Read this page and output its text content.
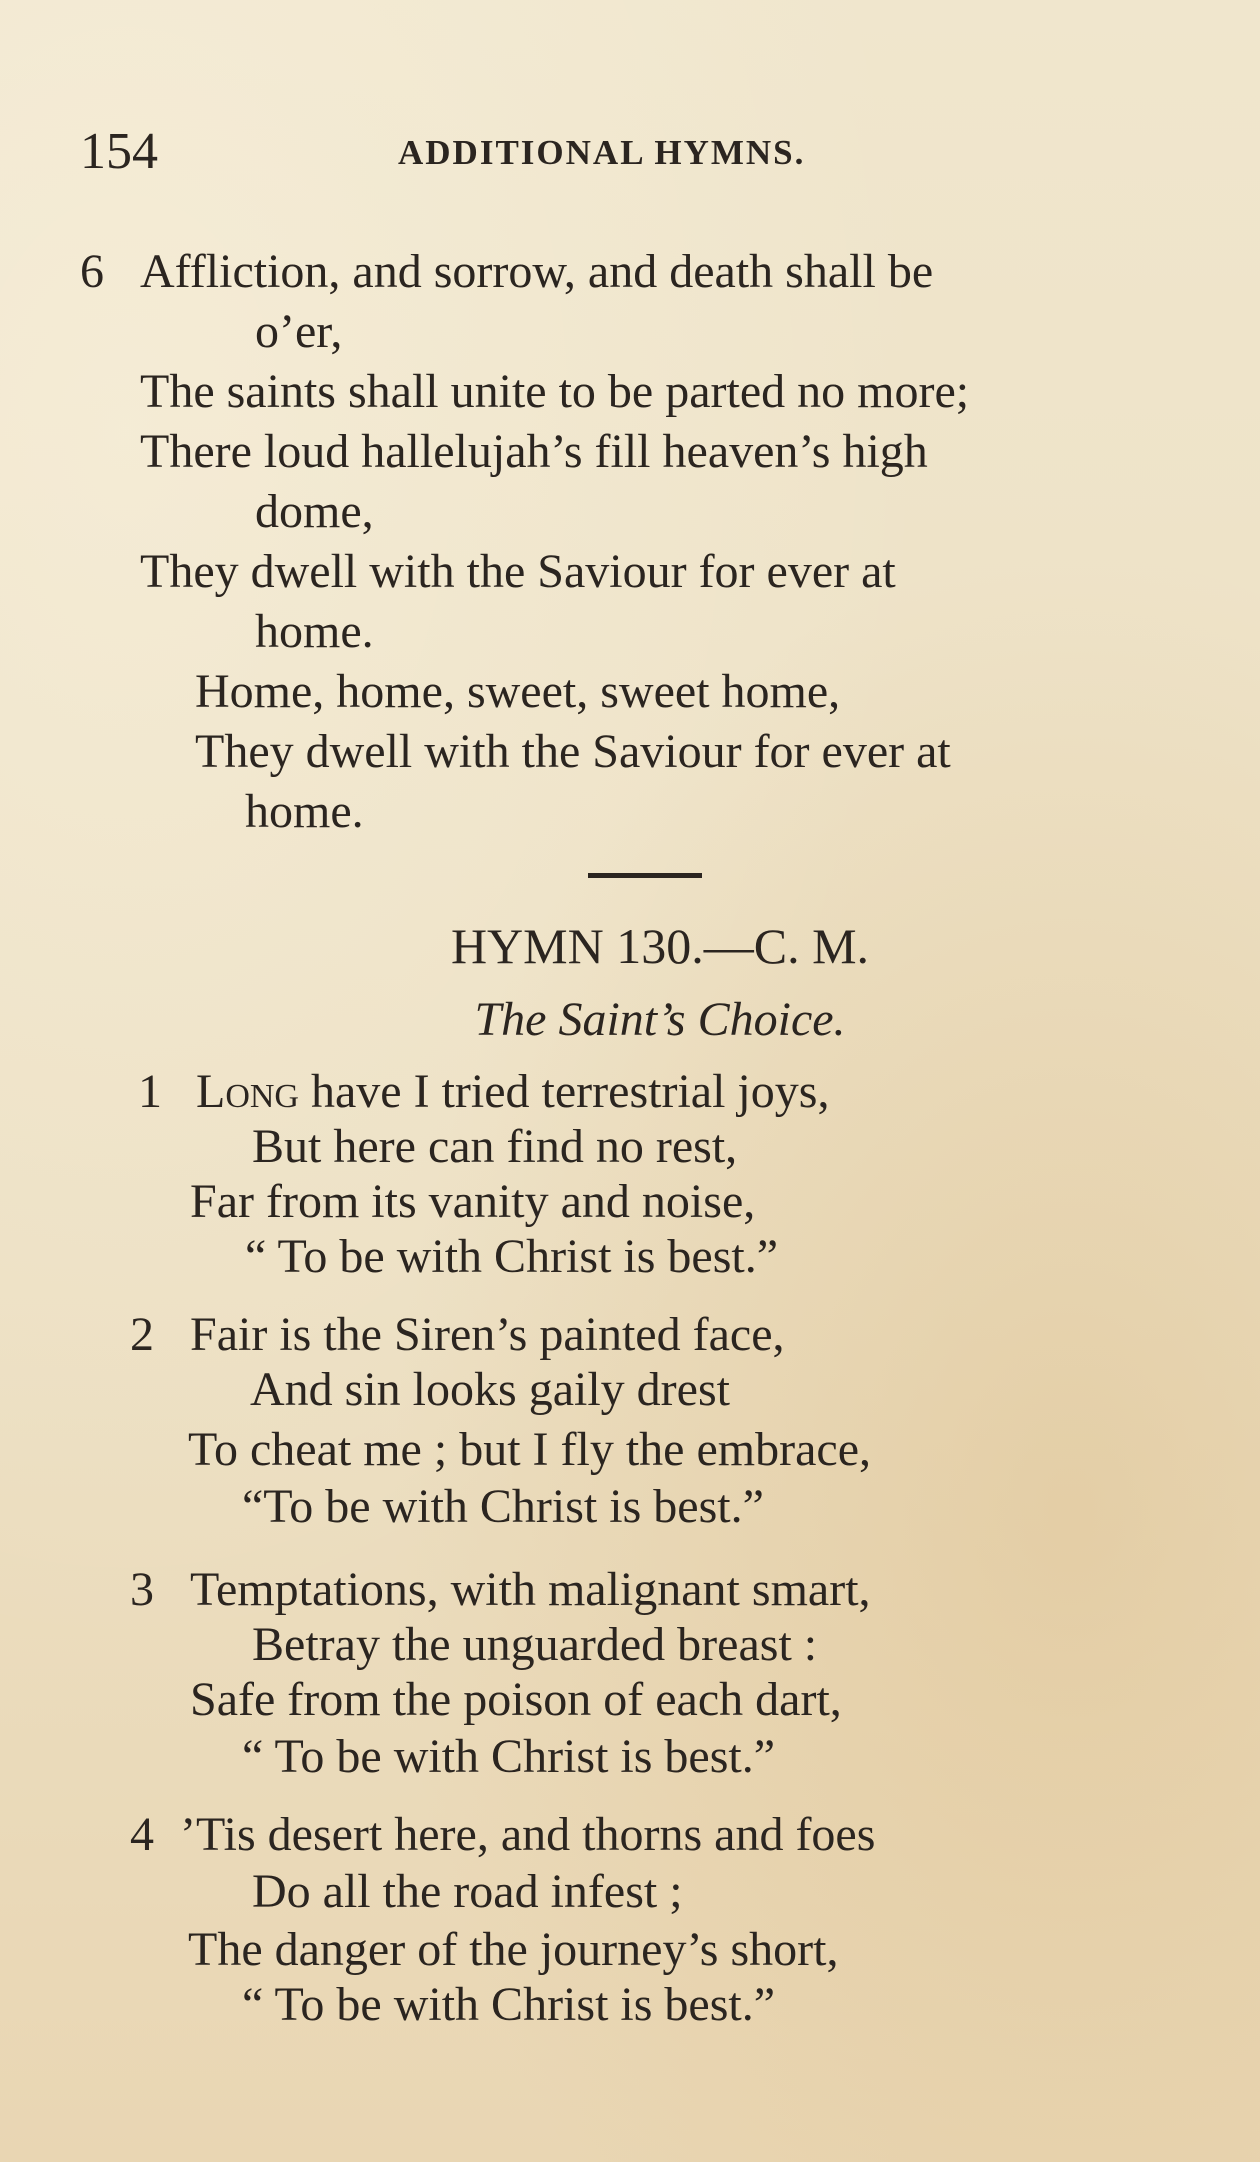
154	ADDITIONAL HYMNS.
6 Affliction, and sorrow, and death shall be
o’er,
The saints shall unite to be parted no more;
There loud hallelujah’s fill heaven’s high
dome,
They dwell with the Saviour for ever at
home.
Home, home, sweet, sweet home,
They dwell with the Saviour for ever at
home.
HYMN 130.—C. M.
The Saint’s Choice.
1 Long have I tried terrestrial joys,
But here can find no rest,
Far from its vanity and noise,
“ To be with Christ is best.”
2 Fair is the Siren’s painted face,
And sin looks gaily drest
To cheat me ; but I fly the embrace,
“To be with Christ is best.”
3 Temptations, with malignant smart,
Betray the unguarded breast :
Safe from the poison of each dart,
“ To be with Christ is best.”
4 ’Tis desert here, and thorns and foes
Do all the road infest ;
The danger of the journey’s short,
“ To be with Christ is best.”
